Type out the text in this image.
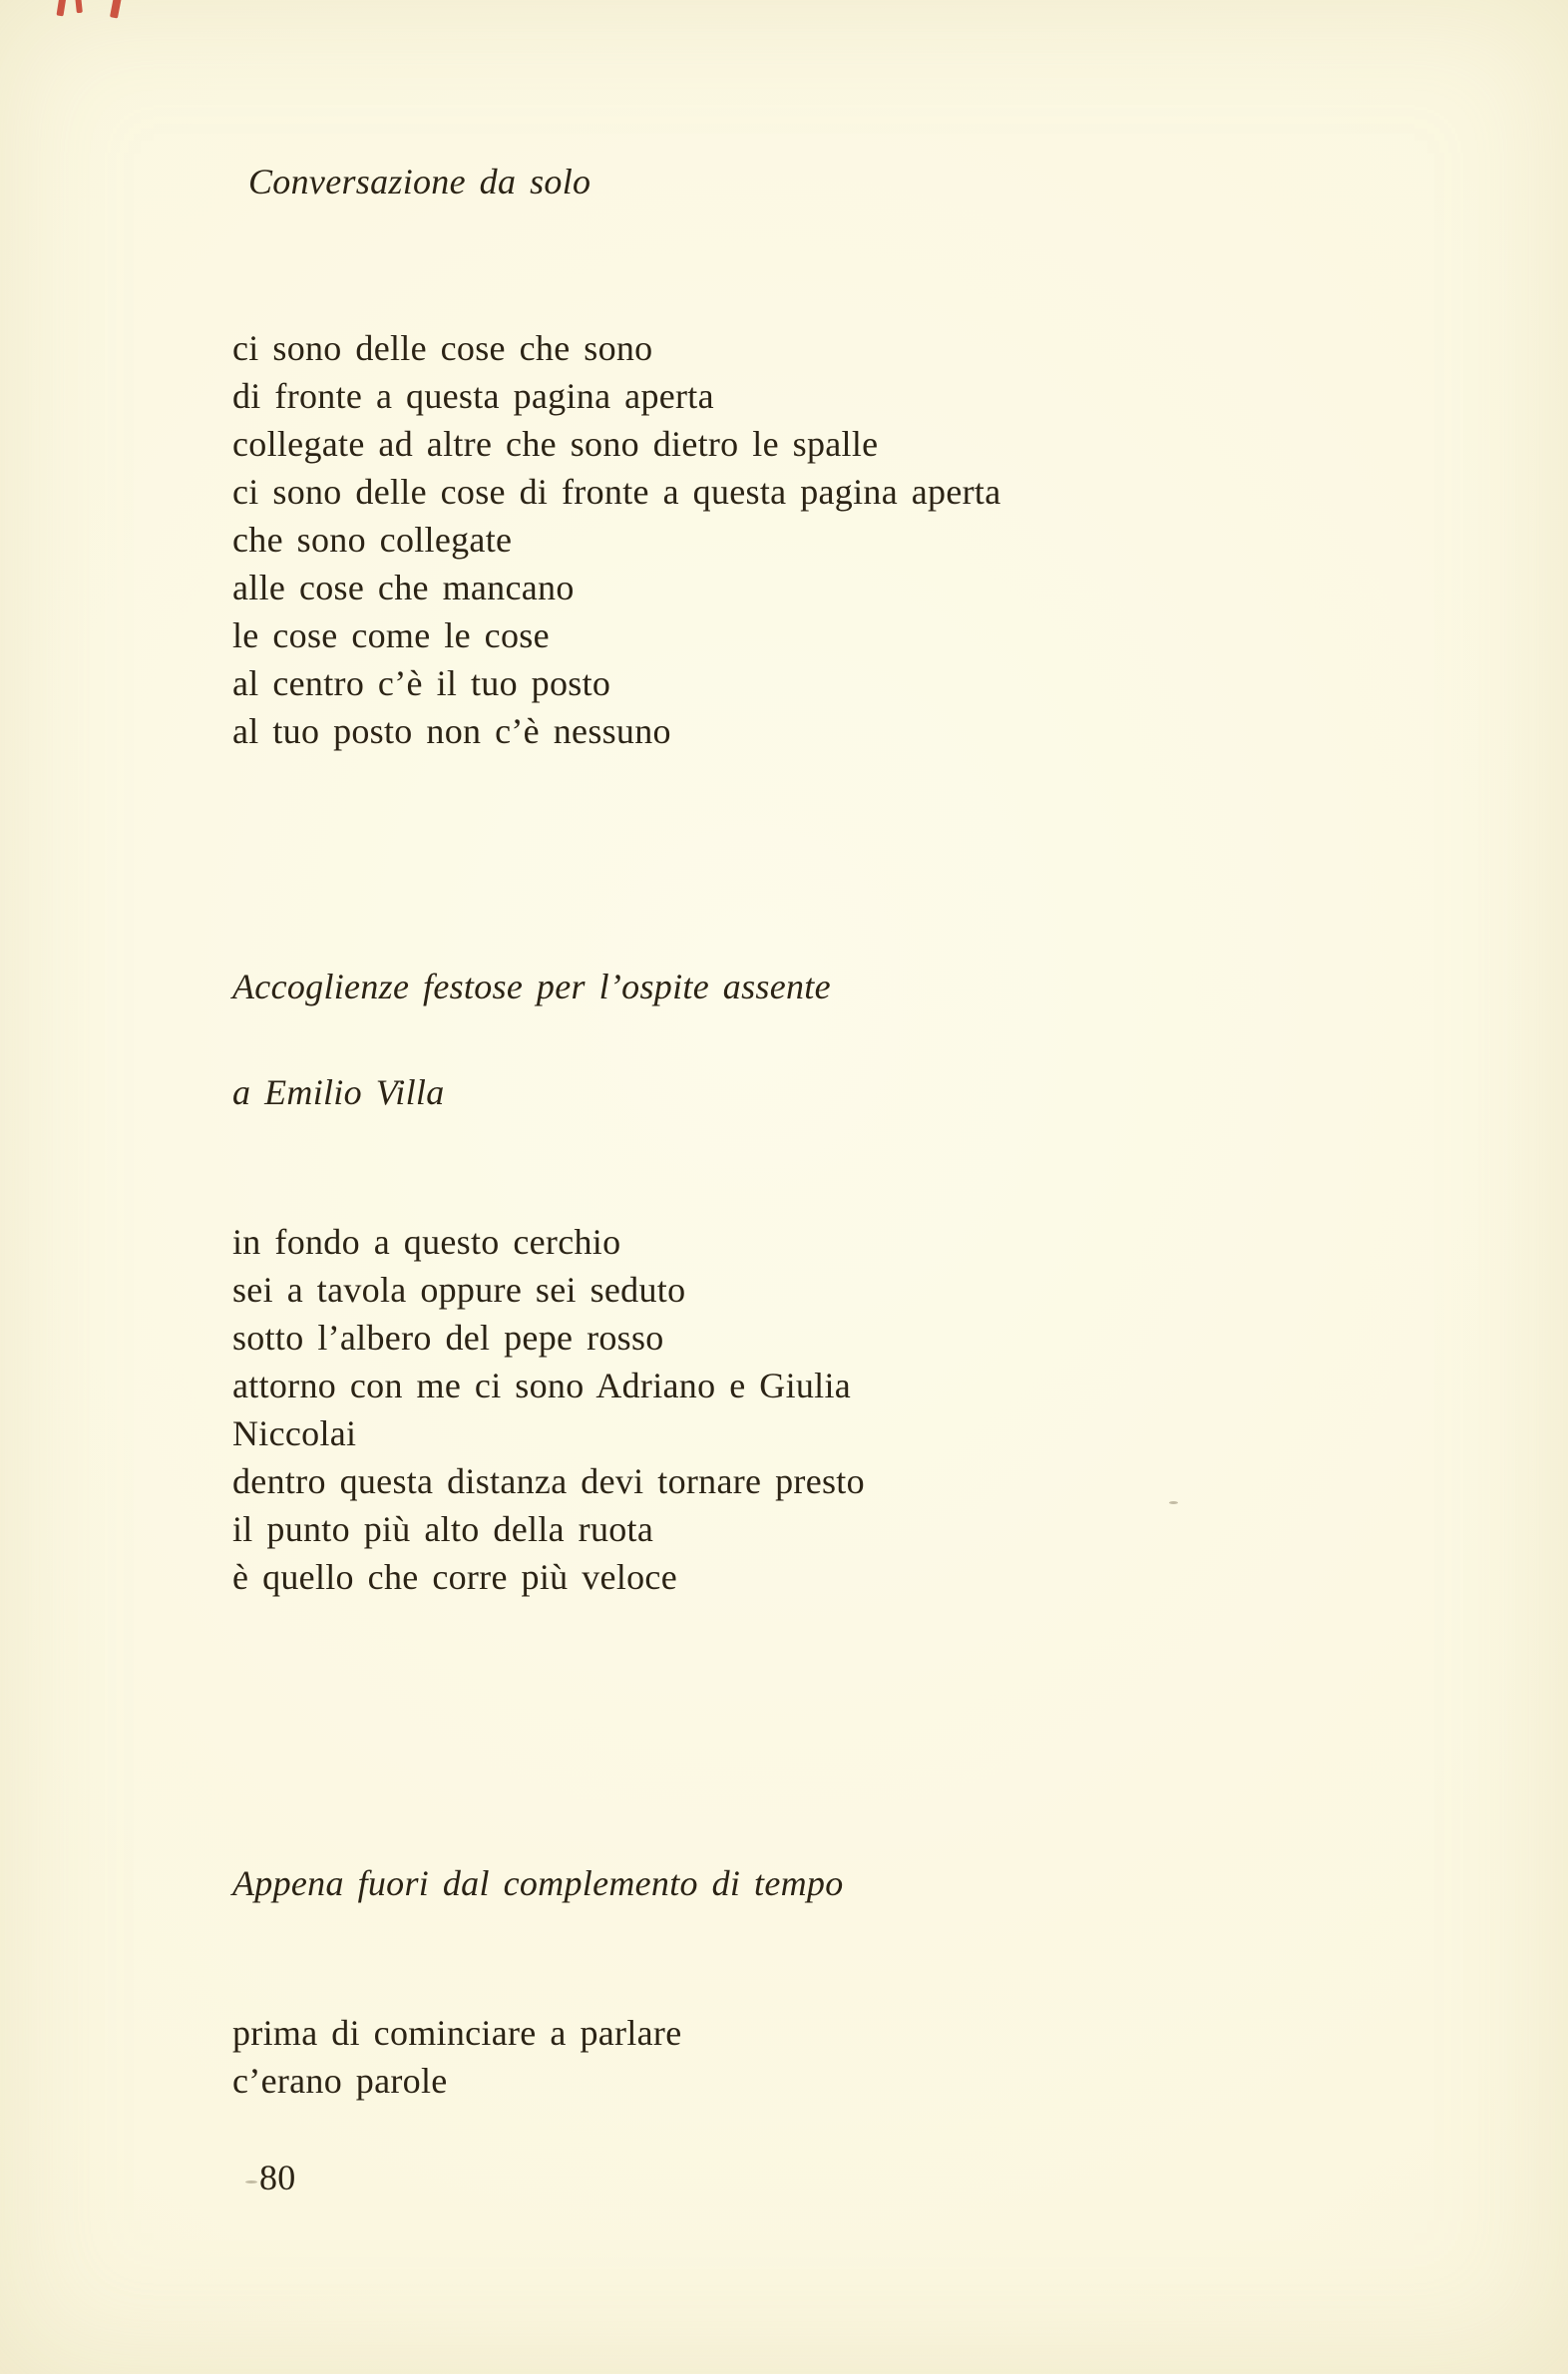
Conversazione da solo

ci sono delle cose che sono

di fronte a questa pagina aperta

collegate ad altre che sono dietro le spalle

ci sono delle cose di fronte a questa pagina aperta

che sono collegate

alle cose che mancano

le cose come le cose

al centro c’è il tuo posto

al tuo posto non c’è nessuno

Accoglienze festose per l’ospite assente

a Emilio Villa

in fondo a questo cerchio

sei a tavola oppure sei seduto

sotto l’albero del pepe rosso

attorno con me ci sono Adriano e Giulia

Niccolai

dentro questa distanza devi tornare presto

il punto più alto della ruota

è quello che corre più veloce

Appena fuori dal complemento di tempo

prima di cominciare a parlare

c’erano parole

80
